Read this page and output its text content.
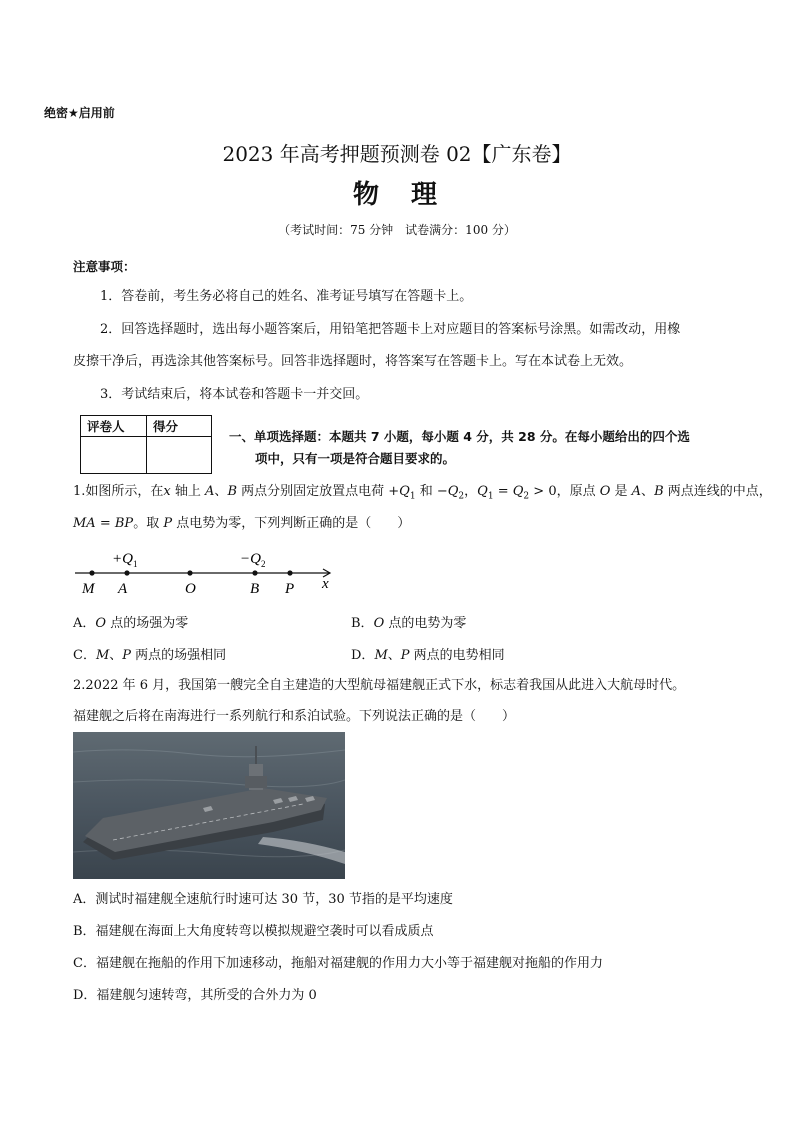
绝密★启用前
2023 年高考押题预测卷 02【广东卷】
物 理
（考试时间：75 分钟　试卷满分：100 分）
注意事项：
1．答卷前，考生务必将自己的姓名、准考证号填写在答题卡上。
2．回答选择题时，选出每小题答案后，用铅笔把答题卡上对应题目的答案标号涂黑。如需改动，用橡
皮擦干净后，再选涂其他答案标号。回答非选择题时，将答案写在答题卡上。写在本试卷上无效。
3．考试结束后，将本试卷和答题卡一并交回。
评卷人	得分

一、单项选择题：本题共 7 小题，每小题 4 分，共 28 分。在每小题给出的四个选
项中，只有一项是符合题目要求的。
1.如图所示，在x 轴上 A、B 两点分别固定放置点电荷 $+Q_1$ 和 $-Q_2$，$Q_1 = Q_2 > 0$，原点 O 是 A、B 两点连线的中点，
MA = BP。取 P 点电势为零，下列判断正确的是（　　）
$+Q_1$	$-Q_2$
M A	O	B P x
A．O 点的场强为零	B．O 点的电势为零
C．M、P 两点的场强相同	D．M、P 两点的电势相同
2.2022 年 6 月，我国第一艘完全自主建造的大型航母福建舰正式下水，标志着我国从此进入大航母时代。
福建舰之后将在南海进行一系列航行和系泊试验。下列说法正确的是（　　）
A．测试时福建舰全速航行时速可达 30 节，30 节指的是平均速度
B．福建舰在海面上大角度转弯以模拟规避空袭时可以看成质点
C．福建舰在拖船的作用下加速移动，拖船对福建舰的作用力大小等于福建舰对拖船的作用力
D．福建舰匀速转弯，其所受的合外力为 0
